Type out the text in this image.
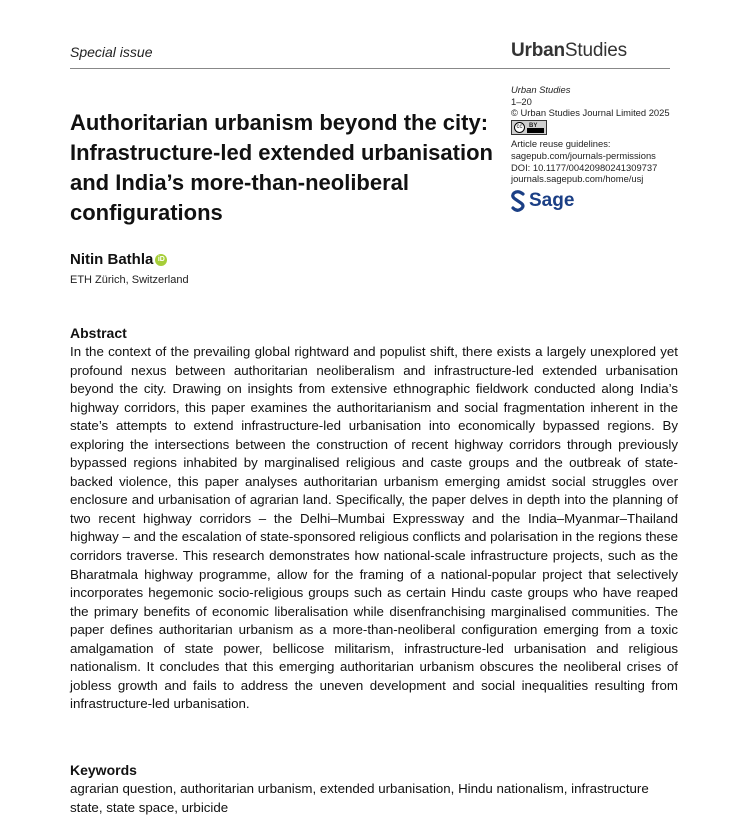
Special issue	UrbanStudies
Urban Studies
1–20
© Urban Studies Journal Limited 2025
cc	BY
Article reuse guidelines:
sagepub.com/journals-permissions
DOI: 10.1177/00420980241309737
journals.sagepub.com/home/usj
Sage
Authoritarian urbanism beyond the city: Infrastructure-led extended urbanisation and India’s more-than-neoliberal configurations
Nitin Bathla iD
ETH Zürich, Switzerland
Abstract
In the context of the prevailing global rightward and populist shift, there exists a largely unexplored yet profound nexus between authoritarian neoliberalism and infrastructure-led extended urbanisation beyond the city. Drawing on insights from extensive ethnographic fieldwork conducted along India’s highway corridors, this paper examines the authoritarianism and social fragmentation inherent in the state’s attempts to extend infrastructure-led urbanisation into economically bypassed regions. By exploring the intersections between the construction of recent highway corridors through previously bypassed regions inhabited by marginalised religious and caste groups and the outbreak of state-backed violence, this paper analyses authoritarian urbanism emerging amidst social struggles over enclosure and urbanisation of agrarian land. Specifically, the paper delves in depth into the planning of two recent highway corridors – the Delhi–Mumbai Expressway and the India–Myanmar–Thailand highway – and the escalation of state-sponsored religious conflicts and polarisation in the regions these corridors traverse. This research demonstrates how national-scale infrastructure projects, such as the Bharatmala highway programme, allow for the framing of a national-popular project that selectively incorporates hegemonic socio-religious groups such as certain Hindu caste groups who have reaped the primary benefits of economic liberalisation while disenfranchising marginalised communities. The paper defines authoritarian urbanism as a more-than-neoliberal configuration emerging from a toxic amalgamation of state power, bellicose militarism, infrastructure-led urbanisation and religious nationalism. It concludes that this emerging authoritarian urbanism obscures the neoliberal crises of jobless growth and fails to address the uneven development and social inequalities resulting from infrastructure-led urbanisation.
Keywords
agrarian question, authoritarian urbanism, extended urbanisation, Hindu nationalism, infrastructure state, state space, urbicide
